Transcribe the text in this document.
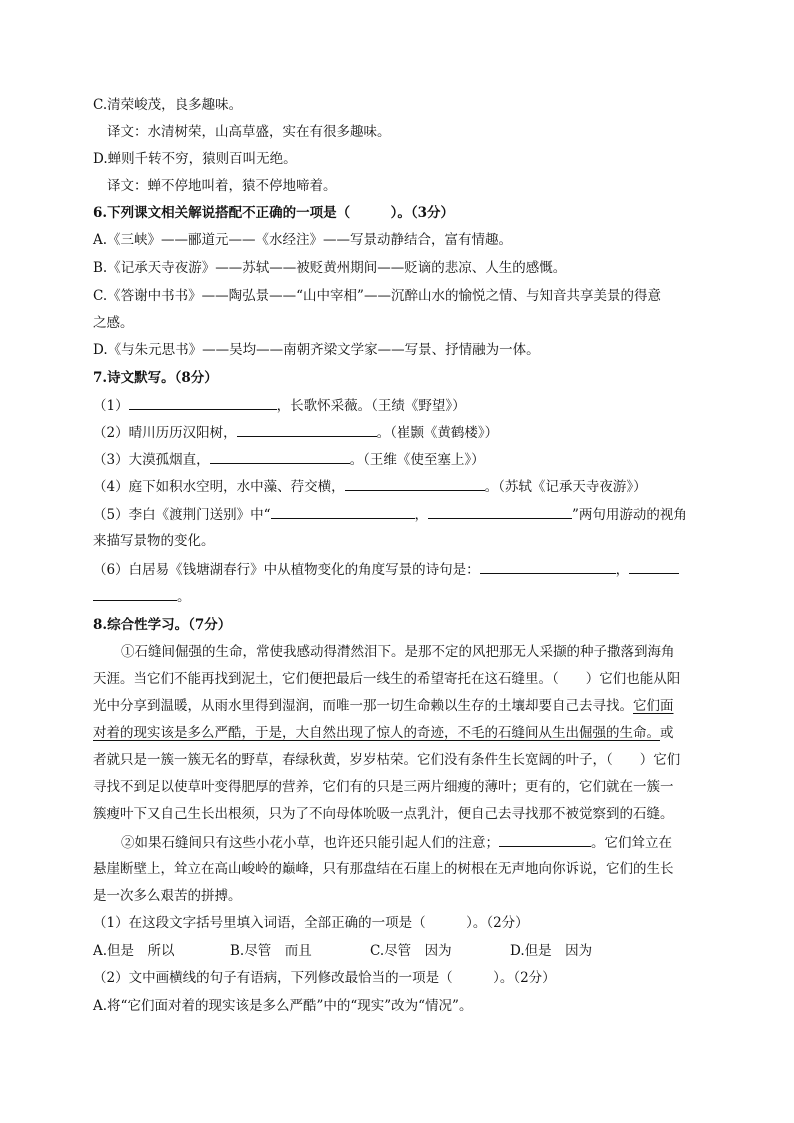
C.清荣峻茂，良多趣味。
译文：水清树荣，山高草盛，实在有很多趣味。
D.蝉则千转不穷，猿则百叫无绝。
译文：蝉不停地叫着，猿不停地啼着。
6.下列课文相关解说搭配不正确的一项是（　　　）。（3分）
A.《三峡》——郦道元——《水经注》——写景动静结合，富有情趣。
B.《记承天寺夜游》——苏轼——被贬黄州期间——贬谪的悲凉、人生的感慨。
C.《答谢中书书》——陶弘景——“山中宰相”——沉醉山水的愉悦之情、与知音共享美景的得意
之感。
D.《与朱元思书》——吴均——南朝齐梁文学家——写景、抒情融为一体。
7.诗文默写。（8分）
（1）	，长歌怀采薇。（王绩《野望》）
（2）晴川历历汉阳树，	。（崔颢《黄鹤楼》）
（3）大漠孤烟直，	。（王维《使至塞上》）
（4）庭下如积水空明，水中藻、荇交横，	。（苏轼《记承天寺夜游》）
（5）李白《渡荆门送别》中“	，	”两句用游动的视角
来描写景物的变化。
（6）白居易《钱塘湖春行》中从植物变化的角度写景的诗句是：	，
。
8.综合性学习。（7分）
①石缝间倔强的生命，常使我感动得潸然泪下。是那不定的风把那无人采撷的种子撒落到海角
天涯。当它们不能再找到泥土，它们便把最后一线生的希望寄托在这石缝里。（　　）它们也能从阳
光中分享到温暖，从雨水里得到湿润，而唯一那一切生命赖以生存的土壤却要自己去寻找。它们面
对着的现实该是多么严酷，于是，大自然出现了惊人的奇迹，不毛的石缝间从生出倔强的生命。或
者就只是一簇一簇无名的野草，春绿秋黄，岁岁枯荣。它们没有条件生长宽阔的叶子，（　　）它们
寻找不到足以使草叶变得肥厚的营养，它们有的只是三两片细瘦的薄叶；更有的，它们就在一簇一
簇瘦叶下又自己生长出根须，只为了不向母体吮吸一点乳汁，便自己去寻找那不被觉察到的石缝。
②如果石缝间只有这些小花小草，也许还只能引起人们的注意；	。它们耸立在
悬崖断壁上，耸立在高山峻岭的巅峰，只有那盘结在石崖上的树根在无声地向你诉说，它们的生长
是一次多么艰苦的拼搏。
（1）在这段文字括号里填入词语，全部正确的一项是（　　　）。（2分）
A.但是　所以	B.尽管　而且	C.尽管　因为	D.但是　因为
（2）文中画横线的句子有语病，下列修改最恰当的一项是（　　　）。（2分）
A.将“它们面对着的现实该是多么严酷”中的“现实”改为“情况”。
